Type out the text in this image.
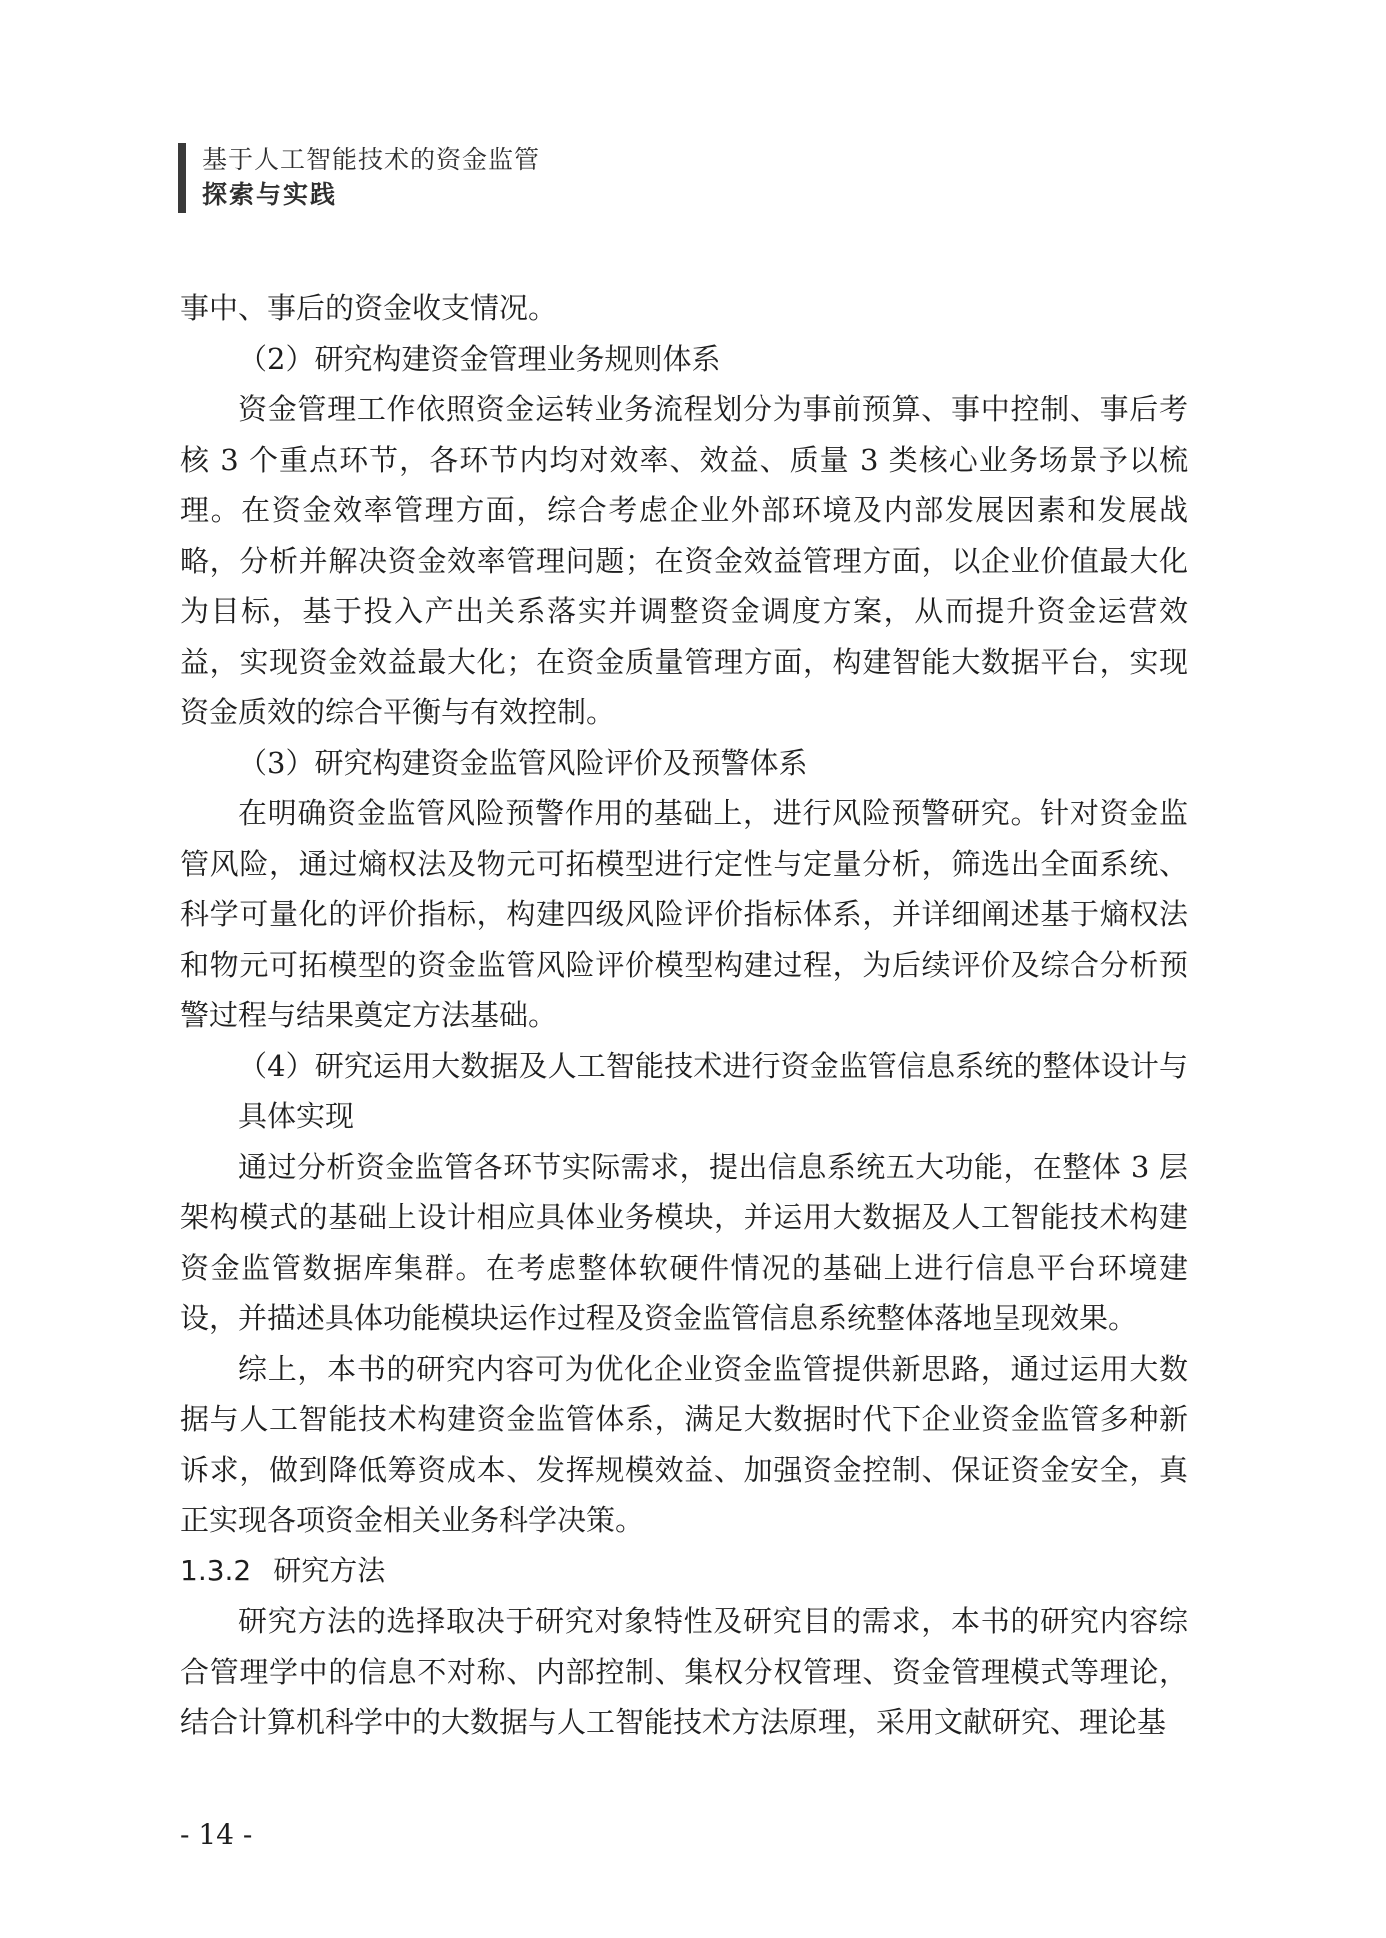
基于人工智能技术的资金监管
探索与实践

事中、事后的资金收支情况。

（2）研究构建资金管理业务规则体系

资金管理工作依照资金运转业务流程划分为事前预算、事中控制、事后考核 3 个重点环节，各环节内均对效率、效益、质量 3 类核心业务场景予以梳理。在资金效率管理方面，综合考虑企业外部环境及内部发展因素和发展战略，分析并解决资金效率管理问题；在资金效益管理方面，以企业价值最大化为目标，基于投入产出关系落实并调整资金调度方案，从而提升资金运营效益，实现资金效益最大化；在资金质量管理方面，构建智能大数据平台，实现资金质效的综合平衡与有效控制。

（3）研究构建资金监管风险评价及预警体系

在明确资金监管风险预警作用的基础上，进行风险预警研究。针对资金监管风险，通过熵权法及物元可拓模型进行定性与定量分析，筛选出全面系统、科学可量化的评价指标，构建四级风险评价指标体系，并详细阐述基于熵权法和物元可拓模型的资金监管风险评价模型构建过程，为后续评价及综合分析预警过程与结果奠定方法基础。

（4）研究运用大数据及人工智能技术进行资金监管信息系统的整体设计与具体实现

通过分析资金监管各环节实际需求，提出信息系统五大功能，在整体 3 层架构模式的基础上设计相应具体业务模块，并运用大数据及人工智能技术构建资金监管数据库集群。在考虑整体软硬件情况的基础上进行信息平台环境建设，并描述具体功能模块运作过程及资金监管信息系统整体落地呈现效果。

综上，本书的研究内容可为优化企业资金监管提供新思路，通过运用大数据与人工智能技术构建资金监管体系，满足大数据时代下企业资金监管多种新诉求，做到降低筹资成本、发挥规模效益、加强资金控制、保证资金安全，真正实现各项资金相关业务科学决策。

1.3.2 研究方法

研究方法的选择取决于研究对象特性及研究目的需求，本书的研究内容综合管理学中的信息不对称、内部控制、集权分权管理、资金管理模式等理论，结合计算机科学中的大数据与人工智能技术方法原理，采用文献研究、理论基

- 14 -
